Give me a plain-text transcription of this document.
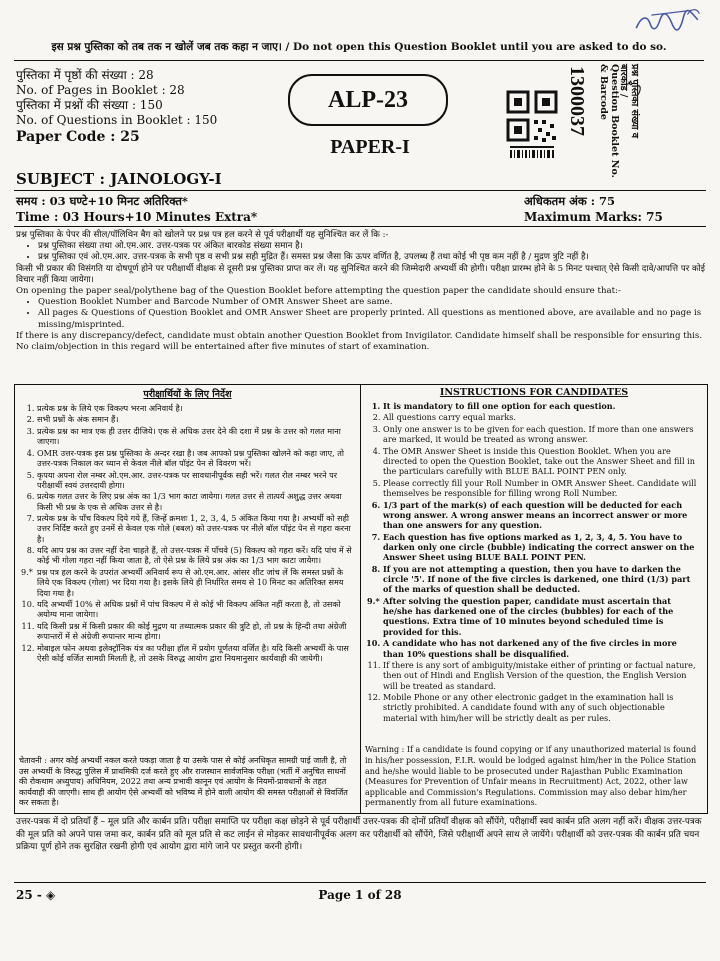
इस प्रश्न पुस्तिका को तब तक न खोलें जब तक कहा न जाए। / Do not open this Question Booklet until you are asked to do so.
पुस्तिका में पृष्ठों की संख्या : 28
No. of Pages in Booklet : 28
पुस्तिका में प्रश्नों की संख्या : 150
No. of Questions in Booklet : 150
Paper Code : 25
ALP-23
PAPER-I
1300037	प्रश्न पुस्तिका संख्या व
बारकोड /
Question Booklet No.
& Barcode
SUBJECT : JAINOLOGY-I
समय : 03 घण्टे+10 मिनट अतिरिक्त*
Time : 03 Hours+10 Minutes Extra*
अधिकतम अंक : 75
Maximum Marks: 75

प्रश्न पुस्तिका के पेपर की सील/पॉलिथिन बैग को खोलने पर प्रश्न पत्र हल करने से पूर्व परीक्षार्थी यह सुनिश्चित कर लें कि :-

• प्रश्न पुस्तिका संख्या तथा ओ.एम.आर. उत्तर-पत्रक पर अंकित बारकोड संख्या समान है।
• प्रश्न पुस्तिका एवं ओ.एम.आर. उत्तर-पत्रक के सभी पृष्ठ व सभी प्रश्न सही मुद्रित हैं। समस्त प्रश्न जैसा कि ऊपर वर्णित है, उपलब्ध हैं तथा कोई भी पृष्ठ कम नहीं है / मुद्रण त्रुटि नहीं है।

किसी भी प्रकार की विसंगति या दोषपूर्ण होने पर परीक्षार्थी वीक्षक से दूसरी प्रश्न पुस्तिका प्राप्त कर लें। यह सुनिश्चित करने की जिम्मेदारी अभ्यर्थी की होगी। परीक्षा प्रारम्भ होने के 5 मिनट पश्चात् ऐसे किसी दावे/आपत्ति पर कोई विचार नहीं किया जायेगा।

On opening the paper seal/polythene bag of the Question Booklet before attempting the question paper the candidate should ensure that:-

• Question Booklet Number and Barcode Number of OMR Answer Sheet are same.
• All pages & Questions of Question Booklet and OMR Answer Sheet are properly printed. All questions as mentioned above, are available and no page is missing/misprinted.

If there is any discrepancy/defect, candidate must obtain another Question Booklet from Invigilator. Candidate himself shall be responsible for ensuring this. No claim/objection in this regard will be entertained after five minutes of start of examination.

परीक्षार्थियों के लिए निर्देश
1. प्रत्येक प्रश्न के लिये एक विकल्प भरना अनिवार्य है।
2. सभी प्रश्नों के अंक समान हैं।
3. प्रत्येक प्रश्न का मात्र एक ही उत्तर दीजिये। एक से अधिक उत्तर देने की दशा में प्रश्न के उत्तर को गलत माना जाएगा।
4. OMR उत्तर-पत्रक इस प्रश्न पुस्तिका के अन्दर रखा है। जब आपको प्रश्न पुस्तिका खोलने को कहा जाए, तो उत्तर-पत्रक निकाल कर ध्यान से केवल नीले बॉल पॉइंट पेन से विवरण भरें।
5. कृपया अपना रोल नम्बर ओ.एम.आर. उत्तर-पत्रक पर सावधानीपूर्वक सही भरें। गलत रोल नम्बर भरने पर परीक्षार्थी स्वयं उत्तरदायी होगा।
6. प्रत्येक गलत उत्तर के लिए प्रश्न अंक का 1/3 भाग काटा जायेगा। गलत उत्तर से तात्पर्य अशुद्ध उत्तर अथवा किसी भी प्रश्न के एक से अधिक उत्तर से है।
7. प्रत्येक प्रश्न के पाँच विकल्प दिये गये हैं, जिन्हें क्रमशः 1, 2, 3, 4, 5 अंकित किया गया है। अभ्यर्थी को सही उत्तर निर्दिष्ट करते हुए उनमें से केवल एक गोले (बबल) को उत्तर-पत्रक पर नीले बॉल पॉइंट पेन से गहरा करना है।
8. यदि आप प्रश्न का उत्तर नहीं देना चाहते हैं, तो उत्तर-पत्रक में पाँचवे (5) विकल्प को गहरा करें। यदि पांच में से कोई भी गोला गहरा नहीं किया जाता है, तो ऐसे प्रश्न के लिये प्रश्न अंक का 1/3 भाग काटा जायेगा।
9.* प्रश्न पत्र हल करने के उपरांत अभ्यर्थी अनिवार्य रूप से ओ.एम.आर. आंसर शीट जांच लें कि समस्त प्रश्नों के लिये एक विकल्प (गोला) भर दिया गया है। इसके लिये ही निर्धारित समय से 10 मिनट का अतिरिक्त समय दिया गया है।
10. यदि अभ्यर्थी 10% से अधिक प्रश्नों में पांच विकल्प में से कोई भी विकल्प अंकित नहीं करता है, तो उसको अयोग्य माना जायेगा।
11. यदि किसी प्रश्न में किसी प्रकार की कोई मुद्रण या तथ्यात्मक प्रकार की त्रुटि हो, तो प्रश्न के हिन्दी तथा अंग्रेजी रूपान्तरों में से अंग्रेजी रूपान्तर मान्य होगा।
12. मोबाइल फोन अथवा इलेक्ट्रॉनिक यंत्र का परीक्षा हॉल में प्रयोग पूर्णतया वर्जित है। यदि किसी अभ्यर्थी के पास ऐसी कोई वर्जित सामग्री मिलती है, तो उसके विरुद्ध आयोग द्वारा नियमानुसार कार्यवाही की जायेगी।
चेतावनी : अगर कोई अभ्यर्थी नकल करते पकड़ा जाता है या उसके पास से कोई अनधिकृत सामग्री पाई जाती है, तो उस अभ्यर्थी के विरुद्ध पुलिस में प्राथमिकी दर्ज करते हुए और राजस्थान सार्वजनिक परीक्षा (भर्ती में अनुचित साधनों की रोकथाम अध्युपाय) अधिनियम, 2022 तथा अन्य प्रभावी कानून एवं आयोग के नियमों-प्रावधानों के तहत कार्यवाही की जाएगी। साथ ही आयोग ऐसे अभ्यर्थी को भविष्य में होने वाली आयोग की समस्त परीक्षाओं से विवर्जित कर सकता है।
INSTRUCTIONS FOR CANDIDATES
1. It is mandatory to fill one option for each question.
2. All questions carry equal marks.
3. Only one answer is to be given for each question. If more than one answers are marked, it would be treated as wrong answer.
4. The OMR Answer Sheet is inside this Question Booklet. When you are directed to open the Question Booklet, take out the Answer Sheet and fill in the particulars carefully with BLUE BALL POINT PEN only.
5. Please correctly fill your Roll Number in OMR Answer Sheet. Candidate will themselves be responsible for filling wrong Roll Number.
6. 1/3 part of the mark(s) of each question will be deducted for each wrong answer. A wrong answer means an incorrect answer or more than one answers for any question.
7. Each question has five options marked as 1, 2, 3, 4, 5. You have to darken only one circle (bubble) indicating the correct answer on the Answer Sheet using BLUE BALL POINT PEN.
8. If you are not attempting a question, then you have to darken the circle '5'. If none of the five circles is darkened, one third (1/3) part of the marks of question shall be deducted.
9.* After solving the question paper, candidate must ascertain that he/she has darkened one of the circles (bubbles) for each of the questions. Extra time of 10 minutes beyond scheduled time is provided for this.
10. A candidate who has not darkened any of the five circles in more than 10% questions shall be disqualified.
11. If there is any sort of ambiguity/mistake either of printing or factual nature, then out of Hindi and English Version of the question, the English Version will be treated as standard.
12. Mobile Phone or any other electronic gadget in the examination hall is strictly prohibited. A candidate found with any of such objectionable material with him/her will be strictly dealt as per rules.
Warning : If a candidate is found copying or if any unauthorized material is found in his/her possession, F.I.R. would be lodged against him/her in the Police Station and he/she would liable to be prosecuted under Rajasthan Public Examination (Measures for Prevention of Unfair means in Recruitment) Act, 2022, other law applicable and Commission's Regulations. Commission may also debar him/her permanently from all future examinations.
उत्तर-पत्रक में दो प्रतियाँ हैं – मूल प्रति और कार्बन प्रति। परीक्षा समाप्ति पर परीक्षा कक्ष छोड़ने से पूर्व परीक्षार्थी उत्तर-पत्रक की दोनों प्रतियाँ वीक्षक को सौंपेंगे, परीक्षार्थी स्वयं कार्बन प्रति अलग नहीं करें। वीक्षक उत्तर-पत्रक की मूल प्रति को अपने पास जमा कर, कार्बन प्रति को मूल प्रति से कट लाईन से मोड़कर सावधानीपूर्वक अलग कर परीक्षार्थी को सौंपेंगे, जिसे परीक्षार्थी अपने साथ ले जायेंगे। परीक्षार्थी को उत्तर-पत्रक की कार्बन प्रति चयन प्रक्रिया पूर्ण होने तक सुरक्षित रखनी होगी एवं आयोग द्वारा मांगे जाने पर प्रस्तुत करनी होगी।
25 - ◈	Page 1 of 28
